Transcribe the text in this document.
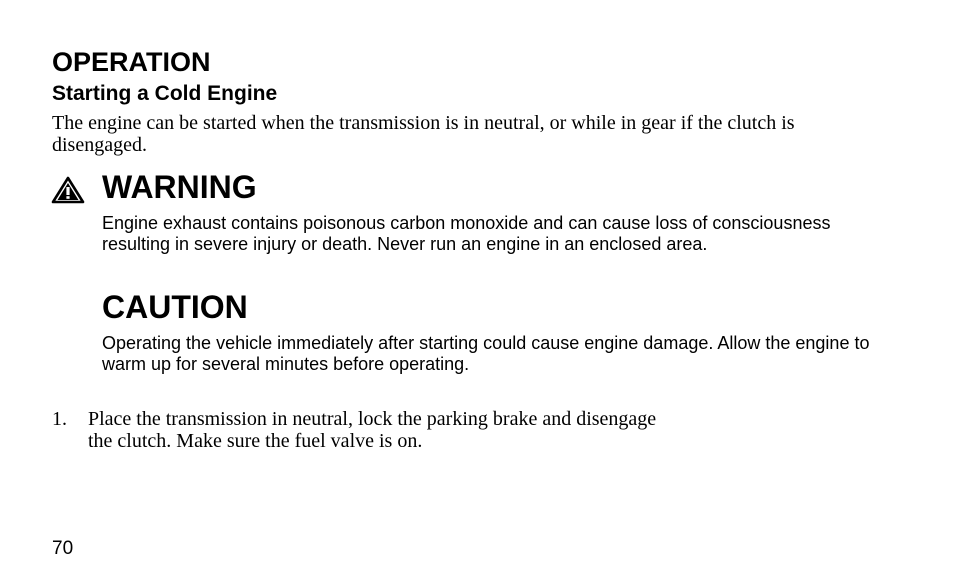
OPERATION
Starting a Cold Engine
The engine can be started when the transmission is in neutral, or while in gear if the clutch is disengaged.
WARNING
Engine exhaust contains poisonous carbon monoxide and can cause loss of consciousness resulting in severe injury or death. Never run an engine in an enclosed area.
CAUTION
Operating the vehicle immediately after starting could cause engine damage. Allow the engine to warm up for several minutes before operating.
1.	Place the transmission in neutral, lock the parking brake and disengage the clutch. Make sure the fuel valve is on.
70
